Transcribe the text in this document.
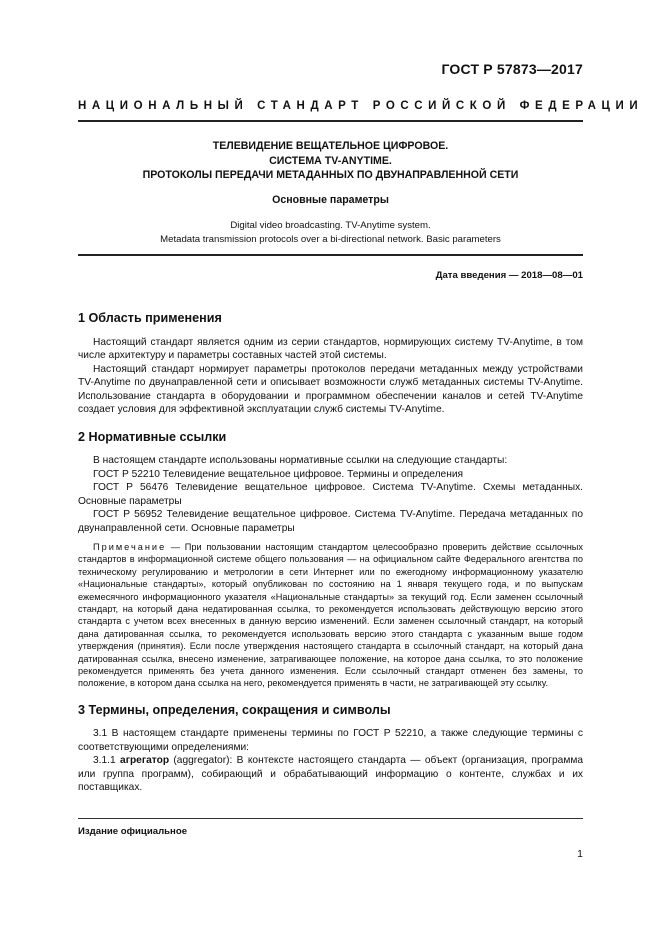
ГОСТ Р 57873—2017
НАЦИОНАЛЬНЫЙ СТАНДАРТ РОССИЙСКОЙ ФЕДЕРАЦИИ
ТЕЛЕВИДЕНИЕ ВЕЩАТЕЛЬНОЕ ЦИФРОВОЕ.
СИСТЕМА TV-ANYTIME.
ПРОТОКОЛЫ ПЕРЕДАЧИ МЕТАДАННЫХ ПО ДВУНАПРАВЛЕННОЙ СЕТИ
Основные параметры
Digital video broadcasting. TV-Anytime system.
Metadata transmission protocols over a bi-directional network. Basic parameters
Дата введения — 2018—08—01
1 Область применения

Настоящий стандарт является одним из серии стандартов, нормирующих систему TV-Anytime, в том числе архитектуру и параметры составных частей этой системы.

Настоящий стандарт нормирует параметры протоколов передачи метаданных между устройствами TV-Anytime по двунаправленной сети и описывает возможности служб метаданных системы TV-Anytime. Использование стандарта в оборудовании и программном обеспечении каналов и сетей TV-Anytime создает условия для эффективной эксплуатации служб системы TV-Anytime.

2 Нормативные ссылки

В настоящем стандарте использованы нормативные ссылки на следующие стандарты:

ГОСТ Р 52210 Телевидение вещательное цифровое. Термины и определения

ГОСТ Р 56476 Телевидение вещательное цифровое. Система TV-Anytime. Схемы метаданных. Основные параметры

ГОСТ Р 56952 Телевидение вещательное цифровое. Система TV-Anytime. Передача метаданных по двунаправленной сети. Основные параметры

Примечание — При пользовании настоящим стандартом целесообразно проверить действие ссылочных стандартов в информационной системе общего пользования — на официальном сайте Федерального агентства по техническому регулированию и метрологии в сети Интернет или по ежегодному информационному указателю «Национальные стандарты», который опубликован по состоянию на 1 января текущего года, и по выпускам ежемесячного информационного указателя «Национальные стандарты» за текущий год. Если заменен ссылочный стандарт, на который дана недатированная ссылка, то рекомендуется использовать действующую версию этого стандарта с учетом всех внесенных в данную версию изменений. Если заменен ссылочный стандарт, на который дана датированная ссылка, то рекомендуется использовать версию этого стандарта с указанным выше годом утверждения (принятия). Если после утверждения настоящего стандарта в ссылочный стандарт, на который дана датированная ссылка, внесено изменение, затрагивающее положение, на которое дана ссылка, то это положение рекомендуется применять без учета данного изменения. Если ссылочный стандарт отменен без замены, то положение, в котором дана ссылка на него, рекомендуется применять в части, не затрагивающей эту ссылку.

3 Термины, определения, сокращения и символы

3.1 В настоящем стандарте применены термины по ГОСТ Р 52210, а также следующие термины с соответствующими определениями:

3.1.1 агрегатор (aggregator): В контексте настоящего стандарта — объект (организация, программа или группа программ), собирающий и обрабатывающий информацию о контенте, службах и их поставщиках.

Издание официальное
1
